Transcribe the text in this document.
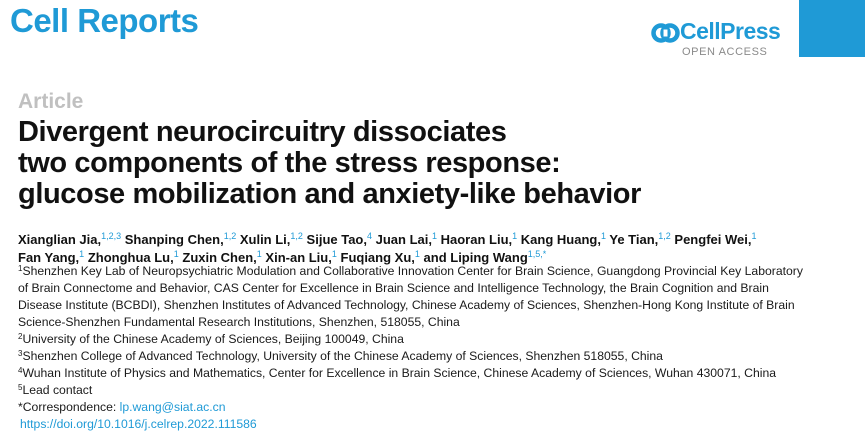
Cell Reports	CellPress
OPEN ACCESS
Article
Divergent neurocircuitry dissociates
two components of the stress response:
glucose mobilization and anxiety-like behavior
Xianglian Jia,$^{1,2,3}$ Shanping Chen,$^{1,2}$ Xulin Li,$^{1,2}$ Sijue Tao,$^4$ Juan Lai,$^1$ Haoran Liu,$^1$ Kang Huang,$^1$ Ye Tian,$^{1,2}$ Pengfei Wei,$^1$ Fan Yang,$^1$ Zhonghua Lu,$^1$ Zuxin Chen,$^1$ Xin-an Liu,$^1$ Fuqiang Xu,$^1$ and Liping Wang$^{1,5,*}$

$^1$Shenzhen Key Lab of Neuropsychiatric Modulation and Collaborative Innovation Center for Brain Science, Guangdong Provincial Key Laboratory of Brain Connectome and Behavior, CAS Center for Excellence in Brain Science and Intelligence Technology, the Brain Cognition and Brain Disease Institute (BCBDI), Shenzhen Institutes of Advanced Technology, Chinese Academy of Sciences, Shenzhen-Hong Kong Institute of Brain Science-Shenzhen Fundamental Research Institutions, Shenzhen, 518055, China

$^2$University of the Chinese Academy of Sciences, Beijing 100049, China

$^3$Shenzhen College of Advanced Technology, University of the Chinese Academy of Sciences, Shenzhen 518055, China

$^4$Wuhan Institute of Physics and Mathematics, Center for Excellence in Brain Science, Chinese Academy of Sciences, Wuhan 430071, China

$^5$Lead contact

*Correspondence: lp.wang@siat.ac.cn

https://doi.org/10.1016/j.celrep.2022.111586
